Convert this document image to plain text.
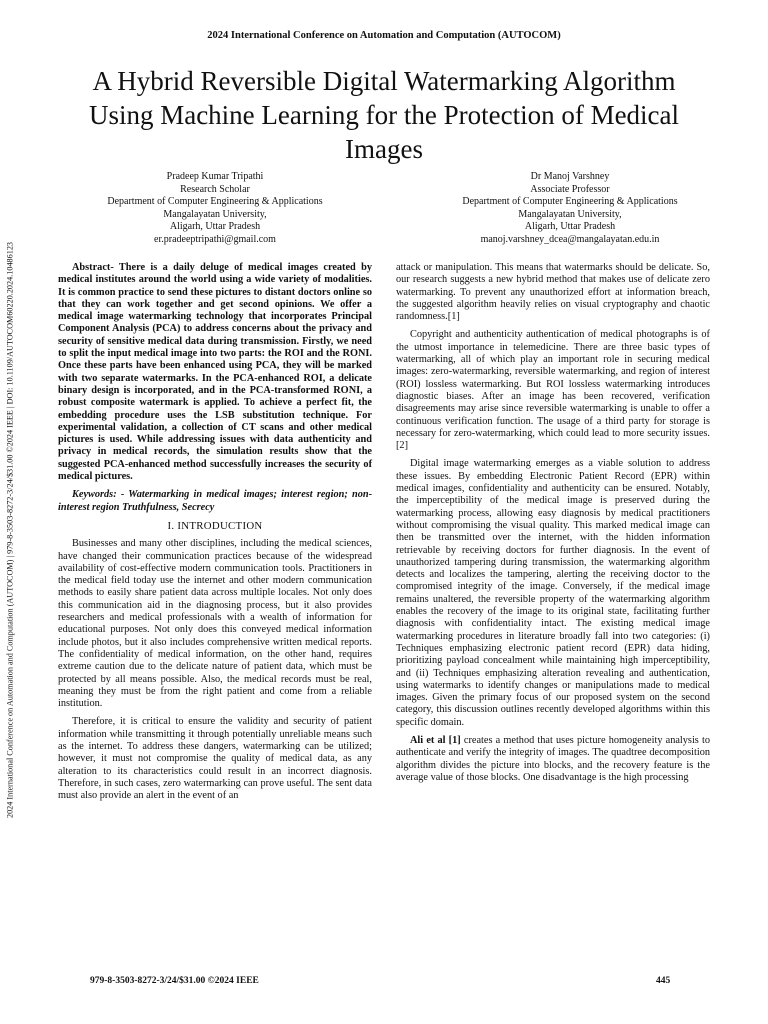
2024 International Conference on Automation and Computation (AUTOCOM)
A Hybrid Reversible Digital Watermarking Algorithm Using Machine Learning for the Protection of Medical Images
2024 International Conference on Automation and Computation (AUTOCOM) | 979-8-3503-8272-3/24/$31.00 ©2024 IEEE | DOI: 10.1109/AUTOCOM60220.2024.10486123
Pradeep Kumar Tripathi
Research Scholar
Department of Computer Engineering & Applications
Mangalayatan University,
Aligarh, Uttar Pradesh
er.pradeeptripathi@gmail.com
Dr Manoj Varshney
Associate Professor
Department of Computer Engineering & Applications
Mangalayatan University,
Aligarh, Uttar Pradesh
manoj.varshney_dcea@mangalayatan.edu.in

Abstract- There is a daily deluge of medical images created by medical institutes around the world using a wide variety of modalities. It is common practice to send these pictures to distant doctors online so that they can work together and get second opinions. We offer a medical image watermarking technology that incorporates Principal Component Analysis (PCA) to address concerns about the privacy and security of sensitive medical data during transmission. Firstly, we need to split the input medical image into two parts: the ROI and the RONI. Once these parts have been enhanced using PCA, they will be marked with two separate watermarks. In the PCA-enhanced ROI, a delicate binary design is incorporated, and in the PCA-transformed RONI, a robust composite watermark is applied. To achieve a perfect fit, the embedding procedure uses the LSB substitution technique. For experimental validation, a collection of CT scans and other medical pictures is used. While addressing issues with data authenticity and privacy in medical records, the simulation results show that the suggested PCA-enhanced method successfully increases the security of medical pictures.

Keywords: - Watermarking in medical images; interest region; non-interest region Truthfulness, Secrecy

I. INTRODUCTION

Businesses and many other disciplines, including the medical sciences, have changed their communication practices because of the widespread availability of cost-effective modern communication tools. Practitioners in the medical field today use the internet and other modern communication methods to easily share patient data across multiple locales. Not only does this communication aid in the diagnosing process, but it also provides researchers and medical professionals with a wealth of information for educational purposes. Not only does this conveyed medical information include photos, but it also includes comprehensive written medical reports. The confidentiality of medical information, on the other hand, requires extreme caution due to the delicate nature of patient data, which must be protected by all means possible. Also, the medical records must be real, meaning they must be from the right patient and come from a reliable institution.

Therefore, it is critical to ensure the validity and security of patient information while transmitting it through potentially unreliable means such as the internet. To address these dangers, watermarking can be utilized; however, it must not compromise the quality of medical data, as any alteration to its characteristics could result in an incorrect diagnosis. Therefore, in such cases, zero watermarking can prove useful. The sent data must also provide an alert in the event of an

attack or manipulation. This means that watermarks should be delicate. So, our research suggests a new hybrid method that makes use of delicate zero watermarking. To prevent any unauthorized effort at information breach, the suggested algorithm heavily relies on visual cryptography and chaotic randomness.[1]

Copyright and authenticity authentication of medical photographs is of the utmost importance in telemedicine. There are three basic types of watermarking, all of which play an important role in securing medical images: zero-watermarking, reversible watermarking, and region of interest (ROI) lossless watermarking. But ROI lossless watermarking introduces diagnostic biases. After an image has been recovered, verification disagreements may arise since reversible watermarking is unable to offer a continuous verification function. The usage of a third party for storage is necessary for zero-watermarking, which could lead to more security issues.[2]

Digital image watermarking emerges as a viable solution to address these issues. By embedding Electronic Patient Record (EPR) within medical images, confidentiality and authenticity can be ensured. Notably, the imperceptibility of the medical image is preserved during the watermarking process, allowing easy diagnosis by medical practitioners without compromising the visual quality. This marked medical image can then be transmitted over the internet, with the hidden information retrievable by receiving doctors for further diagnosis. In the event of unauthorized tampering during transmission, the watermarking algorithm detects and localizes the tampering, alerting the receiving doctor to the compromised integrity of the image. Conversely, if the medical image remains unaltered, the reversible property of the watermarking algorithm enables the recovery of the image to its original state, facilitating further diagnosis with confidentiality intact. The existing medical image watermarking procedures in literature broadly fall into two categories: (i) Techniques emphasizing electronic patient record (EPR) data hiding, prioritizing payload concealment while maintaining high imperceptibility, and (ii) Techniques emphasizing alteration revealing and authentication, using watermarks to identify changes or manipulations made to medical images. Given the primary focus of our proposed system on the second category, this discussion outlines recently developed algorithms within this specific domain.

Ali et al [1] creates a method that uses picture homogeneity analysis to authenticate and verify the integrity of images. The quadtree decomposition algorithm divides the picture into blocks, and the recovery feature is the average value of those blocks. One disadvantage is the high processing

979-8-3503-8272-3/24/$31.00 ©2024 IEEE	445
